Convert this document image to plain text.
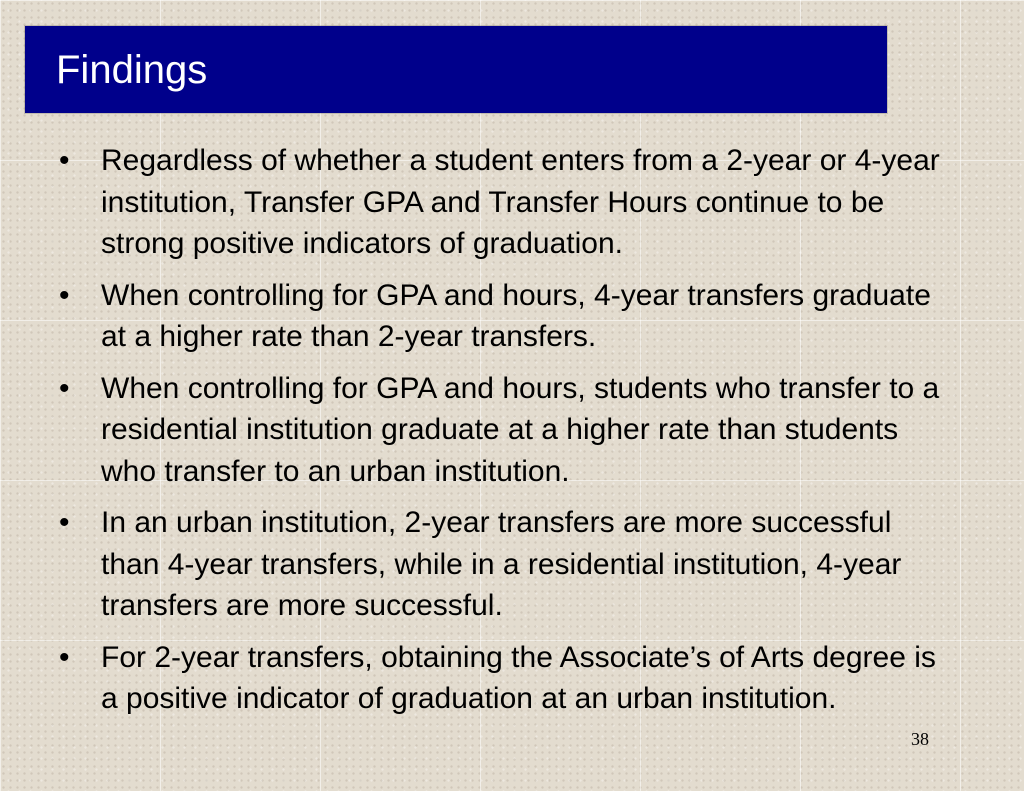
Findings
• Regardless of whether a student enters from a 2-year or 4-year institution, Transfer GPA and Transfer Hours continue to be strong positive indicators of graduation.
• When controlling for GPA and hours, 4-year transfers graduate at a higher rate than 2-year transfers.
• When controlling for GPA and hours, students who transfer to a residential institution graduate at a higher rate than students who transfer to an urban institution.
• In an urban institution, 2-year transfers are more successful than 4-year transfers, while in a residential institution, 4-year transfers are more successful.
• For 2-year transfers, obtaining the Associate’s of Arts degree is a positive indicator of graduation at an urban institution.
38
